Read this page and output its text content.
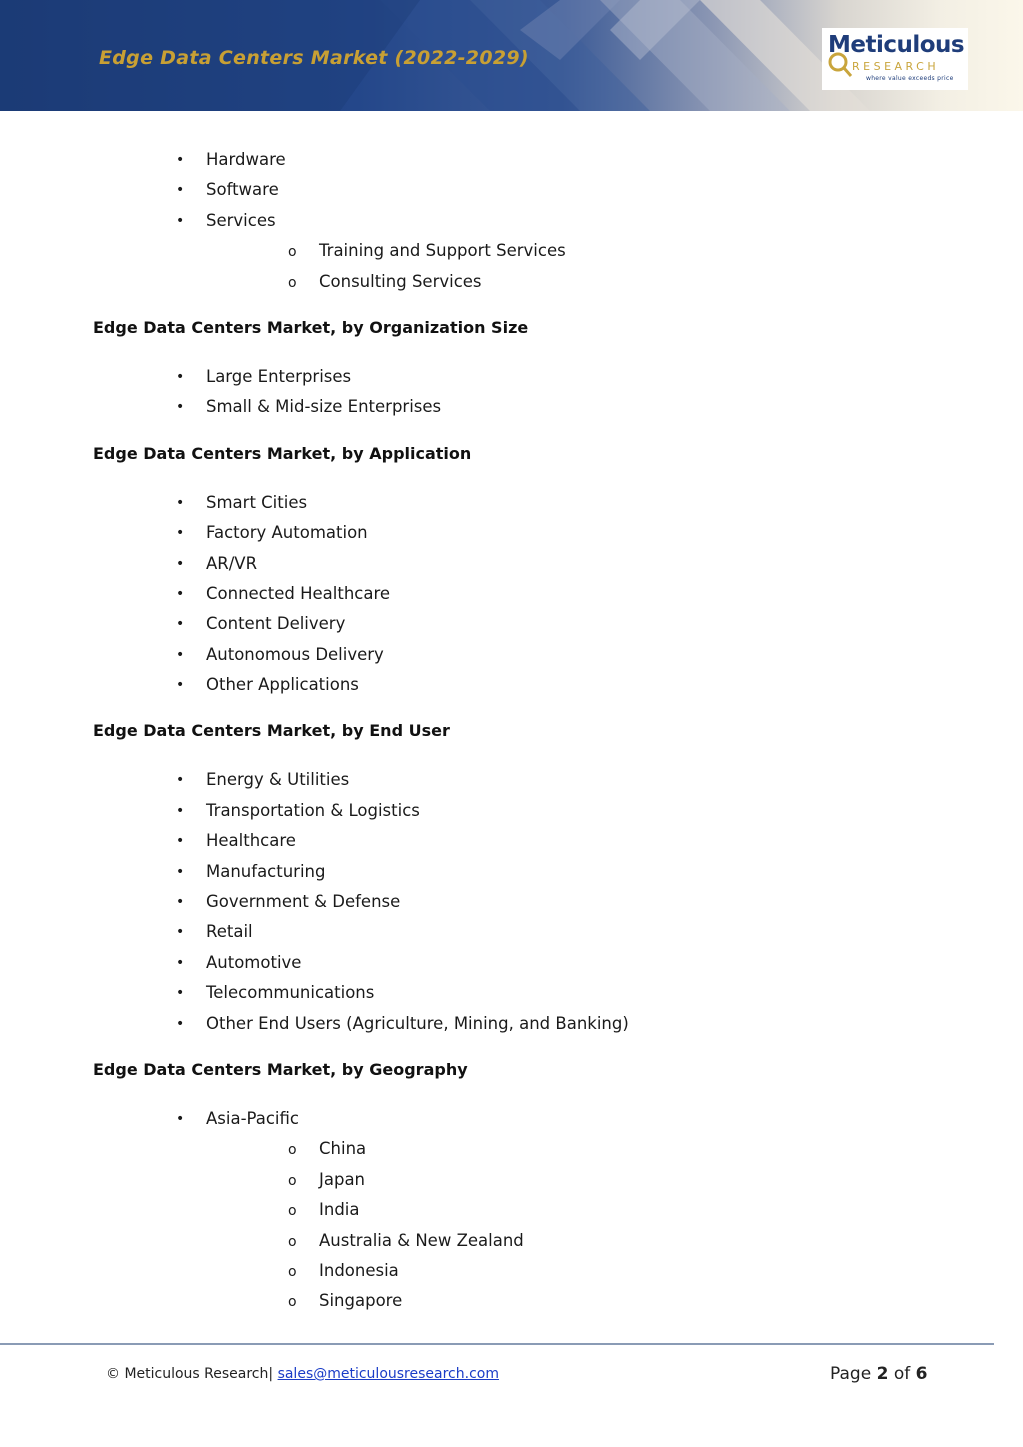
Edge Data Centers Market (2022-2029)	Meticulous
RESEARCH
where value exceeds price
• Hardware
• Software
• Services
o Training and Support Services
o Consulting Services
Edge Data Centers Market, by Organization Size
• Large Enterprises
• Small & Mid-size Enterprises
Edge Data Centers Market, by Application
• Smart Cities
• Factory Automation
• AR/VR
• Connected Healthcare
• Content Delivery
• Autonomous Delivery
• Other Applications
Edge Data Centers Market, by End User
• Energy & Utilities
• Transportation & Logistics
• Healthcare
• Manufacturing
• Government & Defense
• Retail
• Automotive
• Telecommunications
• Other End Users (Agriculture, Mining, and Banking)
Edge Data Centers Market, by Geography
• Asia-Pacific
o China
o Japan
o India
o Australia & New Zealand
o Indonesia
o Singapore
© Meticulous Research| sales@meticulousresearch.com	Page 2 of 6
